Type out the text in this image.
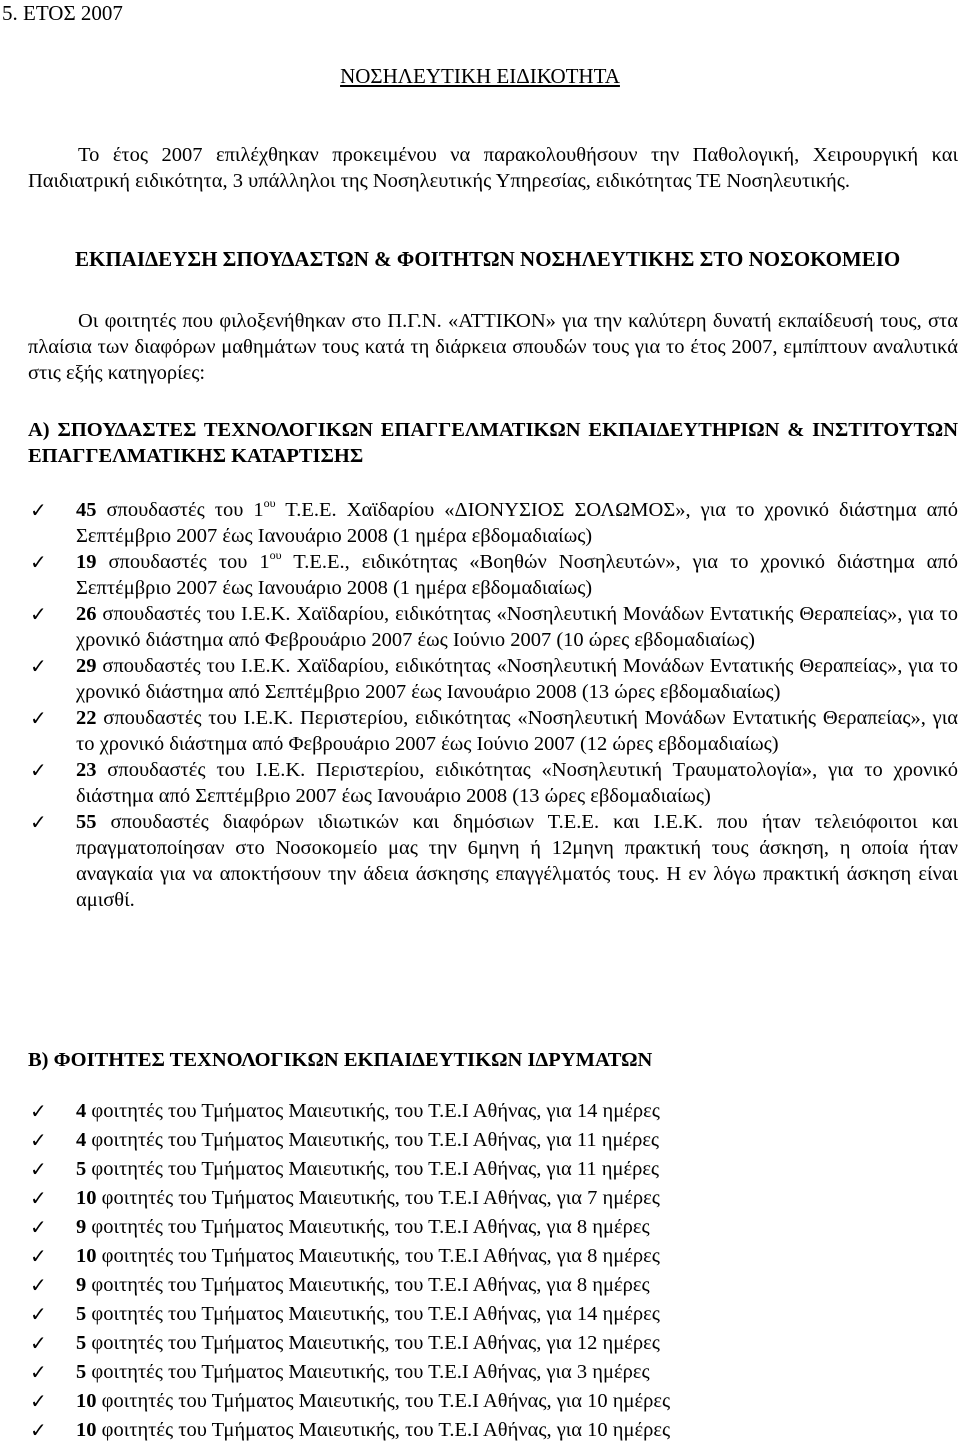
5. ΕΤΟΣ 2007
ΝΟΣΗΛΕΥΤΙΚΗ ΕΙΔΙΚΟΤΗΤΑ

Το έτος 2007 επιλέχθηκαν προκειμένου να παρακολουθήσουν την Παθολογική, Χειρουργική και Παιδιατρική ειδικότητα, 3 υπάλληλοι της Νοσηλευτικής Υπηρεσίας, ειδικότητας ΤΕ Νοσηλευτικής.

ΕΚΠΑΙΔΕΥΣΗ ΣΠΟΥΔΑΣΤΩΝ & ΦΟΙΤΗΤΩΝ ΝΟΣΗΛΕΥΤΙΚΗΣ ΣΤΟ ΝΟΣΟΚΟΜΕΙΟ

Οι φοιτητές που φιλοξενήθηκαν στο Π.Γ.Ν. «ΑΤΤΙΚΟΝ» για την καλύτερη δυνατή εκπαίδευσή τους, στα πλαίσια των διαφόρων μαθημάτων τους κατά τη διάρκεια σπουδών τους για το έτος 2007, εμπίπτουν αναλυτικά στις εξής κατηγορίες:

Α) ΣΠΟΥΔΑΣΤΕΣ ΤΕΧΝΟΛΟΓΙΚΩΝ ΕΠΑΓΓΕΛΜΑΤΙΚΩΝ ΕΚΠΑΙΔΕΥΤΗΡΙΩΝ & ΙΝΣΤΙΤΟΥΤΩΝ ΕΠΑΓΓΕΛΜΑΤΙΚΗΣ ΚΑΤΑΡΤΙΣΗΣ

✓ 45 σπουδαστές του $1^{o\upsilon}$ Τ.Ε.Ε. Χαϊδαρίου «ΔΙΟΝΥΣΙΟΣ ΣΟΛΩΜΟΣ», για το χρονικό διάστημα από Σεπτέμβριο 2007 έως Ιανουάριο 2008 (1 ημέρα εβδομαδιαίως)
✓ 19 σπουδαστές του $1^{o\upsilon}$ Τ.Ε.Ε., ειδικότητας «Βοηθών Νοσηλευτών», για το χρονικό διάστημα από Σεπτέμβριο 2007 έως Ιανουάριο 2008 (1 ημέρα εβδομαδιαίως)
✓ 26 σπουδαστές του Ι.Ε.Κ. Χαϊδαρίου, ειδικότητας «Νοσηλευτική Μονάδων Εντατικής Θεραπείας», για το χρονικό διάστημα από Φεβρουάριο 2007 έως Ιούνιο 2007 (10 ώρες εβδομαδιαίως)
✓ 29 σπουδαστές του Ι.Ε.Κ. Χαϊδαρίου, ειδικότητας «Νοσηλευτική Μονάδων Εντατικής Θεραπείας», για το χρονικό διάστημα από Σεπτέμβριο 2007 έως Ιανουάριο 2008 (13 ώρες εβδομαδιαίως)
✓ 22 σπουδαστές του Ι.Ε.Κ. Περιστερίου, ειδικότητας «Νοσηλευτική Μονάδων Εντατικής Θεραπείας», για το χρονικό διάστημα από Φεβρουάριο 2007 έως Ιούνιο 2007 (12 ώρες εβδομαδιαίως)
✓ 23 σπουδαστές του Ι.Ε.Κ. Περιστερίου, ειδικότητας «Νοσηλευτική Τραυματολογία», για το χρονικό διάστημα από Σεπτέμβριο 2007 έως Ιανουάριο 2008 (13 ώρες εβδομαδιαίως)
✓ 55 σπουδαστές διαφόρων ιδιωτικών και δημόσιων Τ.Ε.Ε. και Ι.Ε.Κ. που ήταν τελειόφοιτοι και πραγματοποίησαν στο Νοσοκομείο μας την 6μηνη ή 12μηνη πρακτική τους άσκηση, η οποία ήταν αναγκαία για να αποκτήσουν την άδεια άσκησης επαγγέλματός τους. Η εν λόγω πρακτική άσκηση είναι αμισθί.

Β) ΦΟΙΤΗΤΕΣ ΤΕΧΝΟΛΟΓΙΚΩΝ ΕΚΠΑΙΔΕΥΤΙΚΩΝ ΙΔΡΥΜΑΤΩΝ

✓ 4 φοιτητές του Τμήματος Μαιευτικής, του Τ.Ε.Ι Αθήνας, για 14 ημέρες
✓ 4 φοιτητές του Τμήματος Μαιευτικής, του Τ.Ε.Ι Αθήνας, για 11 ημέρες
✓ 5 φοιτητές του Τμήματος Μαιευτικής, του Τ.Ε.Ι Αθήνας, για 11 ημέρες
✓ 10 φοιτητές του Τμήματος Μαιευτικής, του Τ.Ε.Ι Αθήνας, για 7 ημέρες
✓ 9 φοιτητές του Τμήματος Μαιευτικής, του Τ.Ε.Ι Αθήνας, για 8 ημέρες
✓ 10 φοιτητές του Τμήματος Μαιευτικής, του Τ.Ε.Ι Αθήνας, για 8 ημέρες
✓ 9 φοιτητές του Τμήματος Μαιευτικής, του Τ.Ε.Ι Αθήνας, για 8 ημέρες
✓ 5 φοιτητές του Τμήματος Μαιευτικής, του Τ.Ε.Ι Αθήνας, για 14 ημέρες
✓ 5 φοιτητές του Τμήματος Μαιευτικής, του Τ.Ε.Ι Αθήνας, για 12 ημέρες
✓ 5 φοιτητές του Τμήματος Μαιευτικής, του Τ.Ε.Ι Αθήνας, για 3 ημέρες
✓ 10 φοιτητές του Τμήματος Μαιευτικής, του Τ.Ε.Ι Αθήνας, για 10 ημέρες
✓ 10 φοιτητές του Τμήματος Μαιευτικής, του Τ.Ε.Ι Αθήνας, για 10 ημέρες
